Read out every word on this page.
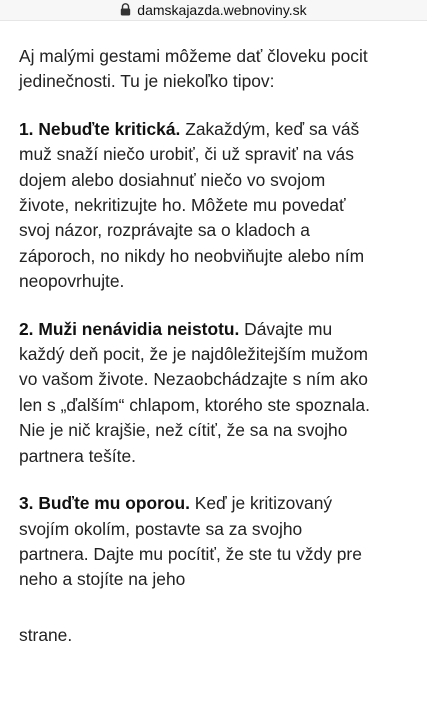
damskajazda.webnoviny.sk

Aj malými gestami môžeme dať človeku pocit
jedinečnosti. Tu je niekoľko tipov:

1. Nebuďte kritická. Zakaždým, keď sa váš
muž snaží niečo urobiť, či už spraviť na vás
dojem alebo dosiahnuť niečo vo svojom
živote, nekritizujte ho. Môžete mu povedať
svoj názor, rozprávajte sa o kladoch a
záporoch, no nikdy ho neobviňujte alebo ním
neopovrhujte.

2. Muži nenávidia neistotu. Dávajte mu
každý deň pocit, že je najdôležitejším mužom
vo vašom živote. Nezaobchádzajte s ním ako
len s „ďalším“ chlapom, ktorého ste spoznala.
Nie je nič krajšie, než cítiť, že sa na svojho
partnera tešíte.

3. Buďte mu oporou. Keď je kritizovaný
svojím okolím, postavte sa za svojho
partnera. Dajte mu pocítiť, že ste tu vždy pre
neho a stojíte na jeho

strane.
